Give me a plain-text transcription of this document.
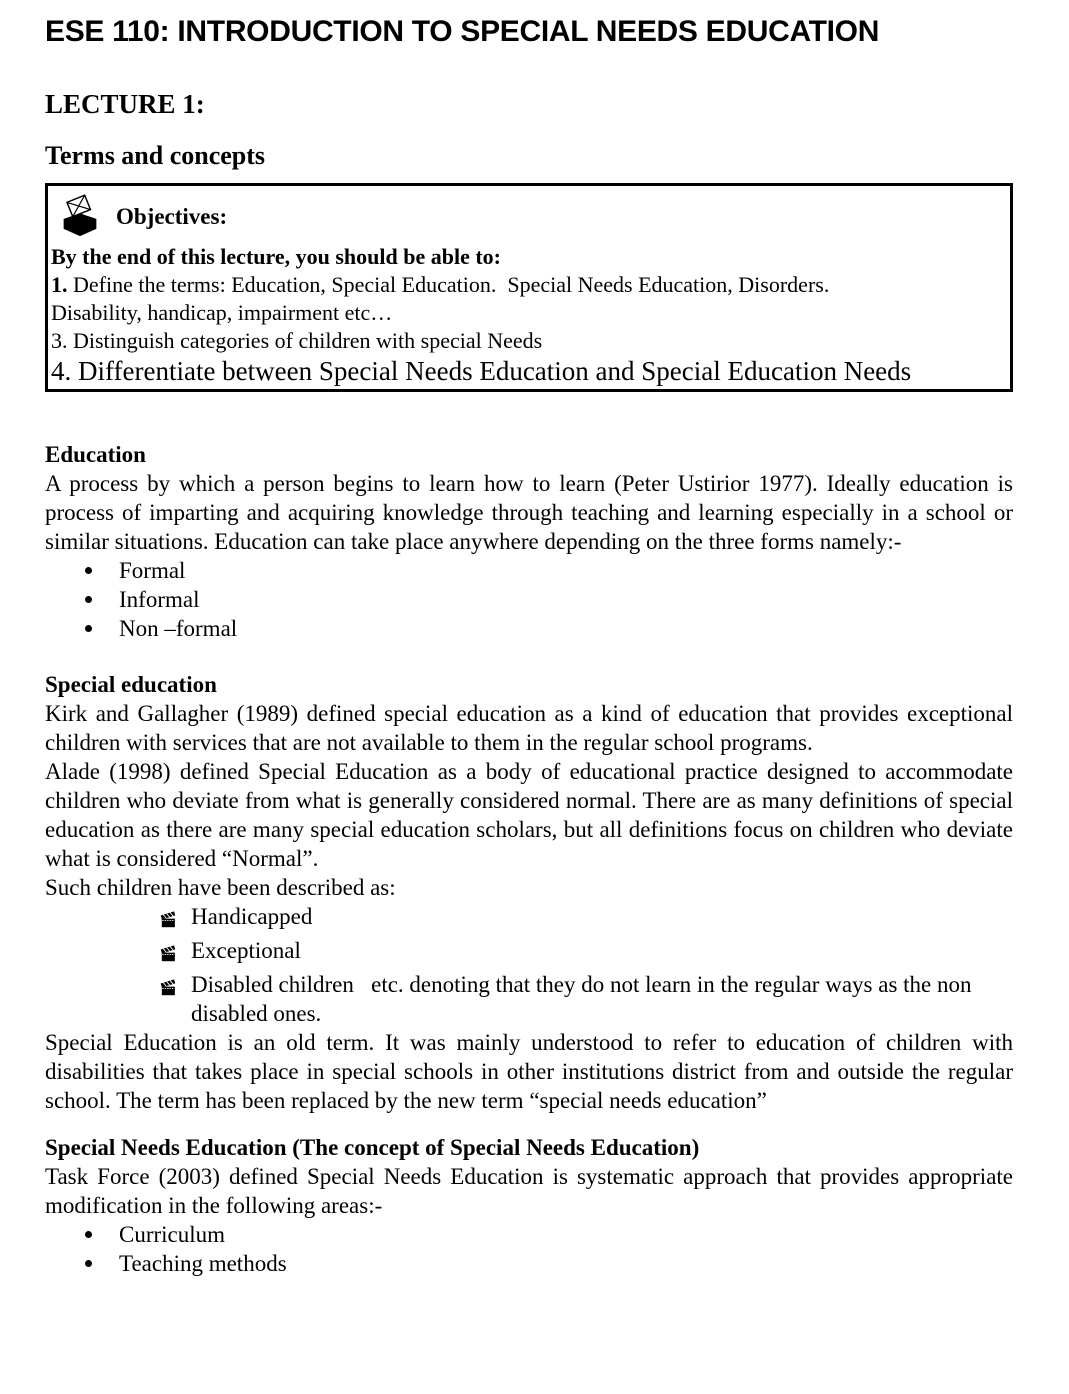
ESE 110: INTRODUCTION TO SPECIAL NEEDS EDUCATION
LECTURE 1:
Terms and concepts
Objectives:
By the end of this lecture, you should be able to:
1. Define the terms: Education, Special Education.  Special Needs Education, Disorders.
Disability, handicap, impairment etc…
3. Distinguish categories of children with special Needs
4. Differentiate between Special Needs Education and Special Education Needs
Education

A process by which a person begins to learn how to learn (Peter Ustirior 1977). Ideally education is process of imparting and acquiring knowledge through teaching and learning especially in a school or similar situations. Education can take place anywhere depending on the three forms namely:-

Formal
Informal
Non –formal
Special education

Kirk and Gallagher (1989) defined special education as a kind of education that provides exceptional children with services that are not available to them in the regular school programs.

Alade (1998) defined Special Education as a body of educational practice designed to accommodate children who deviate from what is generally considered normal. There are as many definitions of special education as there are many special education scholars, but all definitions focus on children who deviate what is considered “Normal”.

Such children have been described as:

Handicapped
Exceptional
Disabled children   etc. denoting that they do not learn in the regular ways as the non disabled ones.

Special Education is an old term. It was mainly understood to refer to education of children with disabilities that takes place in special schools in other institutions district from and outside the regular school. The term has been replaced by the new term “special needs education”

Special Needs Education (The concept of Special Needs Education)

Task Force (2003) defined Special Needs Education is systematic approach that provides appropriate modification in the following areas:-

Curriculum
Teaching methods
